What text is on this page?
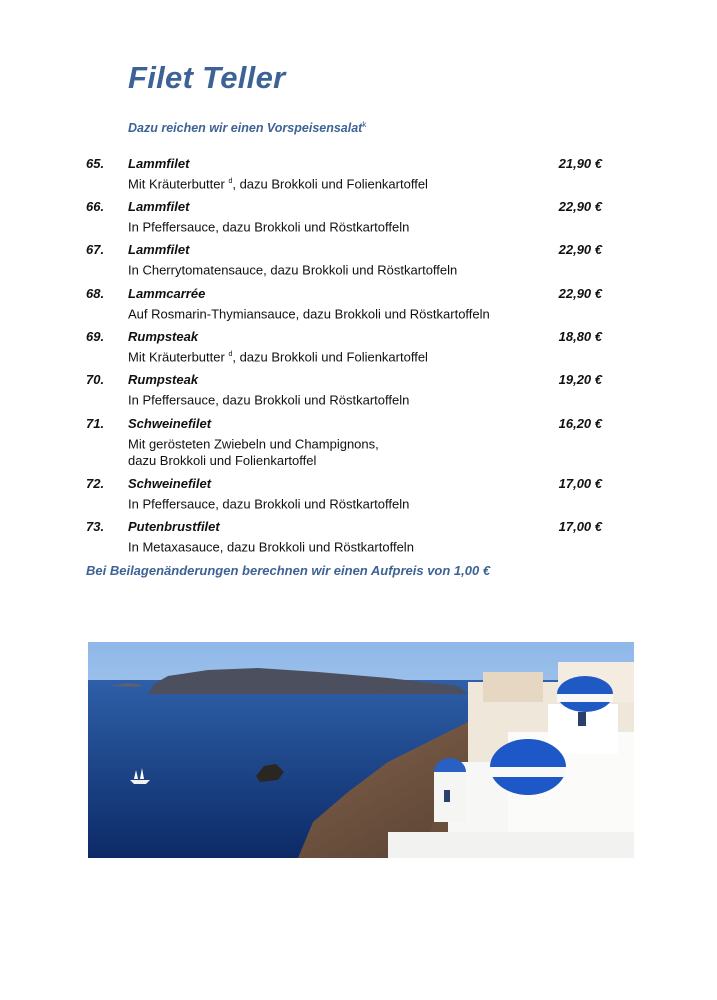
Filet Teller
Dazu reichen wir einen Vorspeisensalat$^k$
65. Lammfilet	21,90 €
Mit Kräuterbutter $^d$, dazu Brokkoli und Folienkartoffel

66. Lammfilet	22,90 €
In Pfeffersauce, dazu Brokkoli und Röstkartoffeln

67. Lammfilet	22,90 €
In Cherrytomatensauce, dazu Brokkoli und Röstkartoffeln

68. Lammcarrée	22,90 €
Auf Rosmarin-Thymiansauce, dazu Brokkoli und Röstkartoffeln

69. Rumpsteak	18,80 €
Mit Kräuterbutter $^d$, dazu Brokkoli und Folienkartoffel

70. Rumpsteak	19,20 €
In Pfeffersauce, dazu Brokkoli und Röstkartoffeln

71. Schweinefilet	16,20 €
Mit gerösteten Zwiebeln und Champignons,
dazu Brokkoli und Folienkartoffel
72. Schweinefilet	17,00 €
In Pfeffersauce, dazu Brokkoli und Röstkartoffeln

73. Putenbrustfilet	17,00 €
In Metaxasauce, dazu Brokkoli und Röstkartoffeln

Bei Beilagenänderungen berechnen wir einen Aufpreis von 1,00 €
